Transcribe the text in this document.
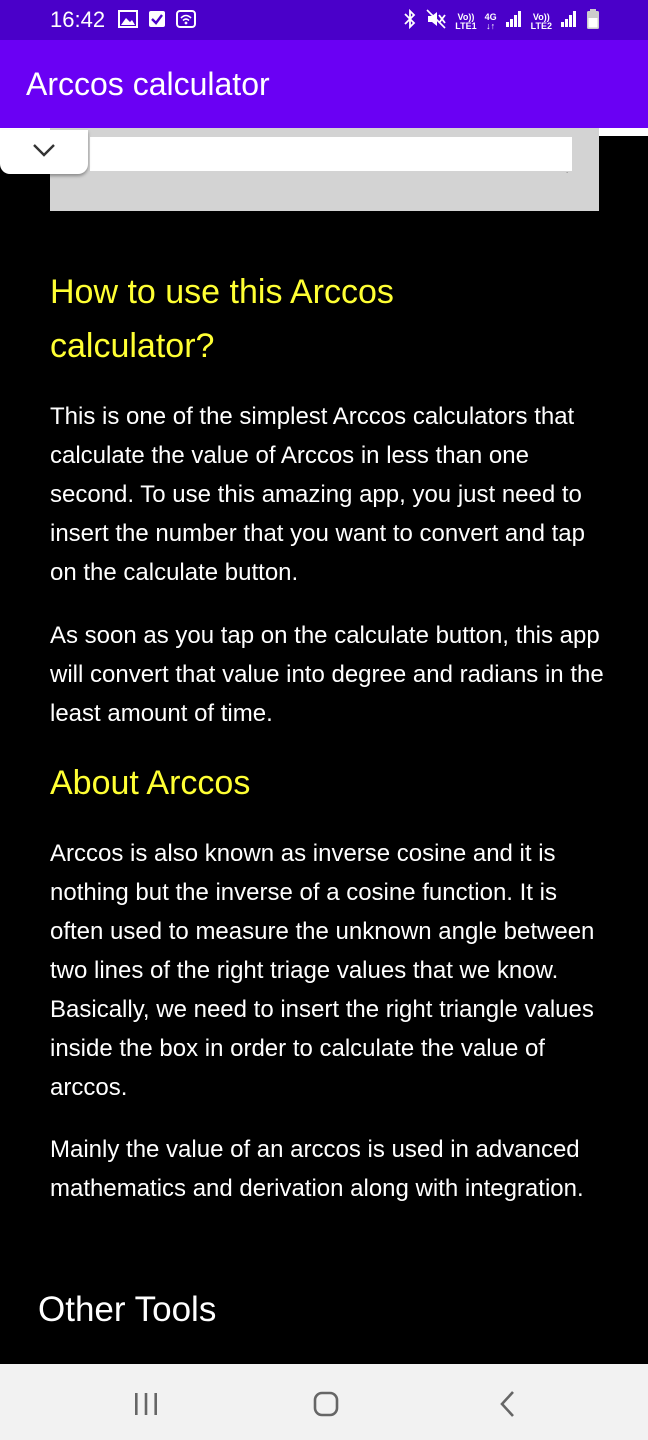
16:42	Vo))
LTE1
4G
↓↑
Vo))
LTE2
Arccos calculator
How to use this Arccos calculator?

This is one of the simplest Arccos calculators that calculate the value of Arccos in less than one second. To use this amazing app, you just need to insert the number that you want to convert and tap on the calculate button.

As soon as you tap on the calculate button, this app will convert that value into degree and radians in the least amount of time.

About Arccos

Arccos is also known as inverse cosine and it is nothing but the inverse of a cosine function. It is often used to measure the unknown angle between two lines of the right triage values that we know. Basically, we need to insert the right triangle values inside the box in order to calculate the value of arccos.

Mainly the value of an arccos is used in advanced mathematics and derivation along with integration.

Other Tools
